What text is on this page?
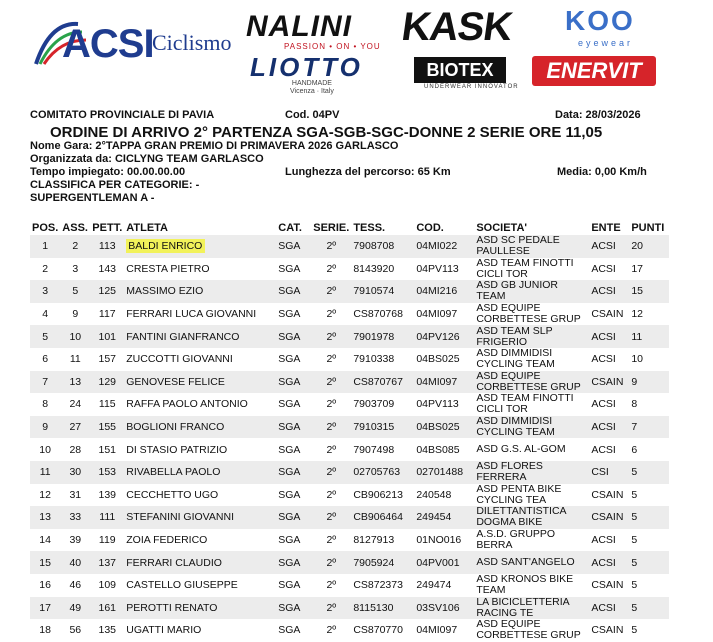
ACSI
Ciclismo NALINI
PASSION • ON • YOU KASK KOO
eyewear
LIOTTO
HANDMADE
Vicenza · Italy
BIOTEX
UNDERWEAR INNOVATOR
ENERVIT
COMITATO PROVINCIALE DI PAVIA	Cod. 04PV	Data: 28/03/2026
ORDINE DI ARRIVO 2° PARTENZA SGA-SGB-SGC-DONNE 2 SERIE ORE 11,05
Nome Gara: 2°TAPPA GRAN PREMIO DI PRIMAVERA 2026 GARLASCO
Organizzata da: CICLYNG TEAM GARLASCO
Tempo impiegato: 00.00.00.00	Lunghezza del percorso: 65 Km	Media: 0,00 Km/h
CLASSIFICA PER CATEGORIE: -
SUPERGENTLEMAN A -
POS.	ASS.	PETT.	ATLETA	CAT.	SERIE.	TESS.	COD.	SOCIETA'	ENTE	PUNTI
1	2	113	BALDI ENRICO	SGA	2º	7908708	04MI022	ASD SC PEDALE PAULLESE	ACSI	20
2	3	143	CRESTA PIETRO	SGA	2º	8143920	04PV113	ASD TEAM FINOTTI CICLI TOR	ACSI	17
3	5	125	MASSIMO EZIO	SGA	2º	7910574	04MI216	ASD GB JUNIOR TEAM	ACSI	15
4	9	117	FERRARI LUCA GIOVANNI	SGA	2º	CS870768	04MI097	ASD EQUIPE CORBETTESE GRUP	CSAIN	12
5	10	101	FANTINI GIANFRANCO	SGA	2º	7901978	04PV126	ASD TEAM SLP FRIGERIO	ACSI	11
6	11	157	ZUCCOTTI GIOVANNI	SGA	2º	7910338	04BS025	ASD DIMMIDISI CYCLING TEAM	ACSI	10
7	13	129	GENOVESE FELICE	SGA	2º	CS870767	04MI097	ASD EQUIPE CORBETTESE GRUP	CSAIN	9
8	24	115	RAFFA PAOLO ANTONIO	SGA	2º	7903709	04PV113	ASD TEAM FINOTTI CICLI TOR	ACSI	8
9	27	155	BOGLIONI FRANCO	SGA	2º	7910315	04BS025	ASD DIMMIDISI CYCLING TEAM	ACSI	7
10	28	151	DI STASIO PATRIZIO	SGA	2º	7907498	04BS085	ASD G.S. AL-GOM	ACSI	6
11	30	153	RIVABELLA PAOLO	SGA	2º	02705763	02701488	ASD FLORES FERRERA	CSI	5
12	31	139	CECCHETTO UGO	SGA	2º	CB906213	240548	ASD PENTA BIKE CYCLING TEA	CSAIN	5
13	33	111	STEFANINI GIOVANNI	SGA	2º	CB906464	249454	DILETTANTISTICA DOGMA BIKE	CSAIN	5
14	39	119	ZOIA FEDERICO	SGA	2º	8127913	01NO016	A.S.D. GRUPPO BERRA	ACSI	5
15	40	137	FERRARI CLAUDIO	SGA	2º	7905924	04PV001	ASD SANT'ANGELO	ACSI	5
16	46	109	CASTELLO GIUSEPPE	SGA	2º	CS872373	249474	ASD KRONOS BIKE TEAM	CSAIN	5
17	49	161	PEROTTI RENATO	SGA	2º	8115130	03SV106	LA BICICLETTERIA RACING TE	ACSI	5
18	56	135	UGATTI MARIO	SGA	2º	CS870770	04MI097	ASD EQUIPE CORBETTESE GRUP	CSAIN	5
